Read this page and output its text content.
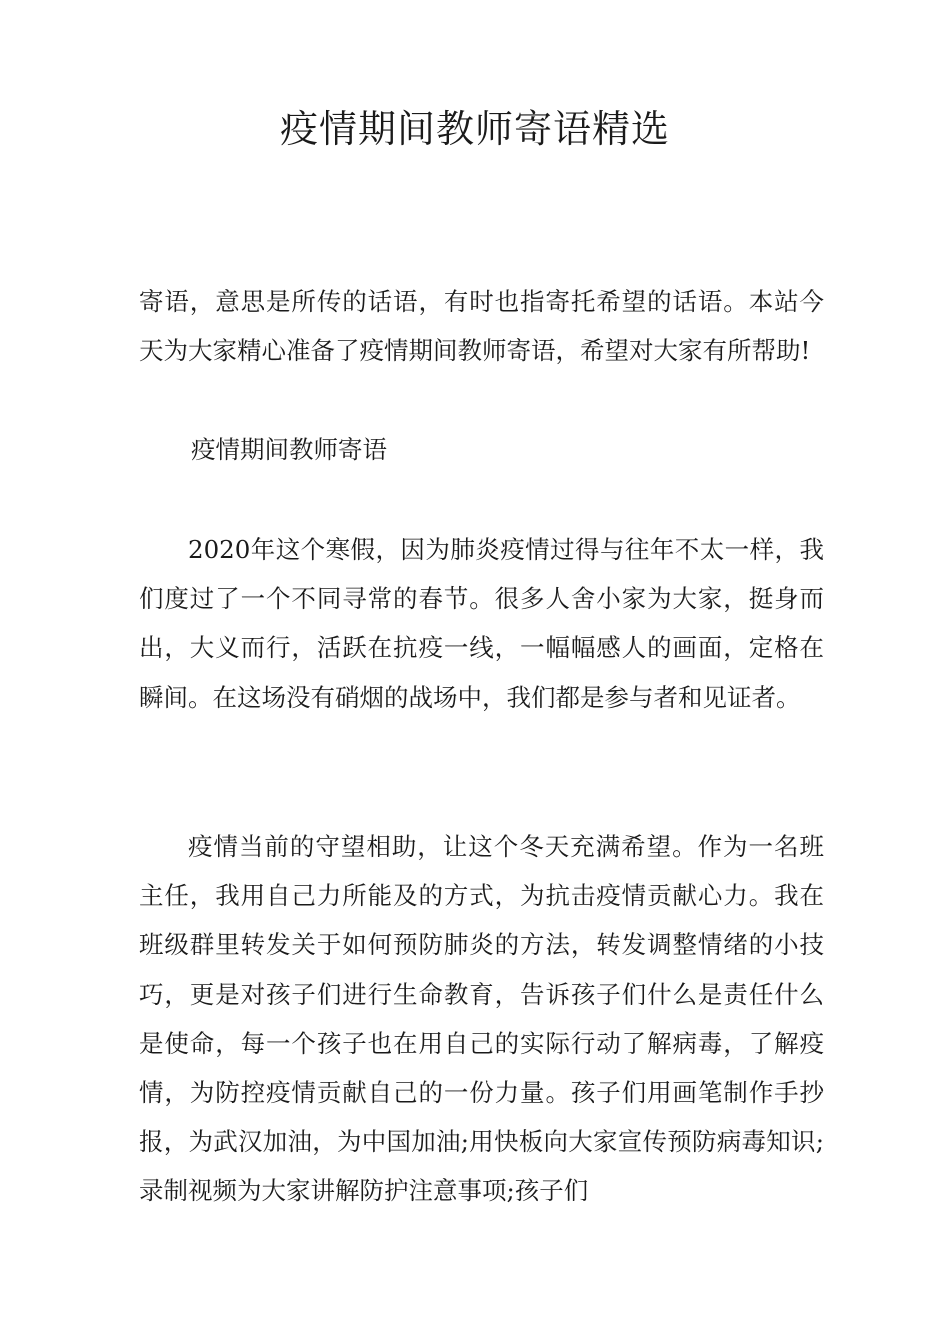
疫情期间教师寄语精选
寄语，意思是所传的话语，有时也指寄托希望的话语。本站今天为大家精心准备了疫情期间教师寄语，希望对大家有所帮助!
疫情期间教师寄语
2020年这个寒假，因为肺炎疫情过得与往年不太一样，我们度过了一个不同寻常的春节。很多人舍小家为大家，挺身而出，大义而行，活跃在抗疫一线，一幅幅感人的画面，定格在瞬间。在这场没有硝烟的战场中，我们都是参与者和见证者。
疫情当前的守望相助，让这个冬天充满希望。作为一名班主任，我用自己力所能及的方式，为抗击疫情贡献心力。我在班级群里转发关于如何预防肺炎的方法，转发调整情绪的小技巧，更是对孩子们进行生命教育，告诉孩子们什么是责任什么是使命，每一个孩子也在用自己的实际行动了解病毒，了解疫情，为防控疫情贡献自己的一份力量。孩子们用画笔制作手抄报，为武汉加油，为中国加油;用快板向大家宣传预防病毒知识;录制视频为大家讲解防护注意事项;孩子们
